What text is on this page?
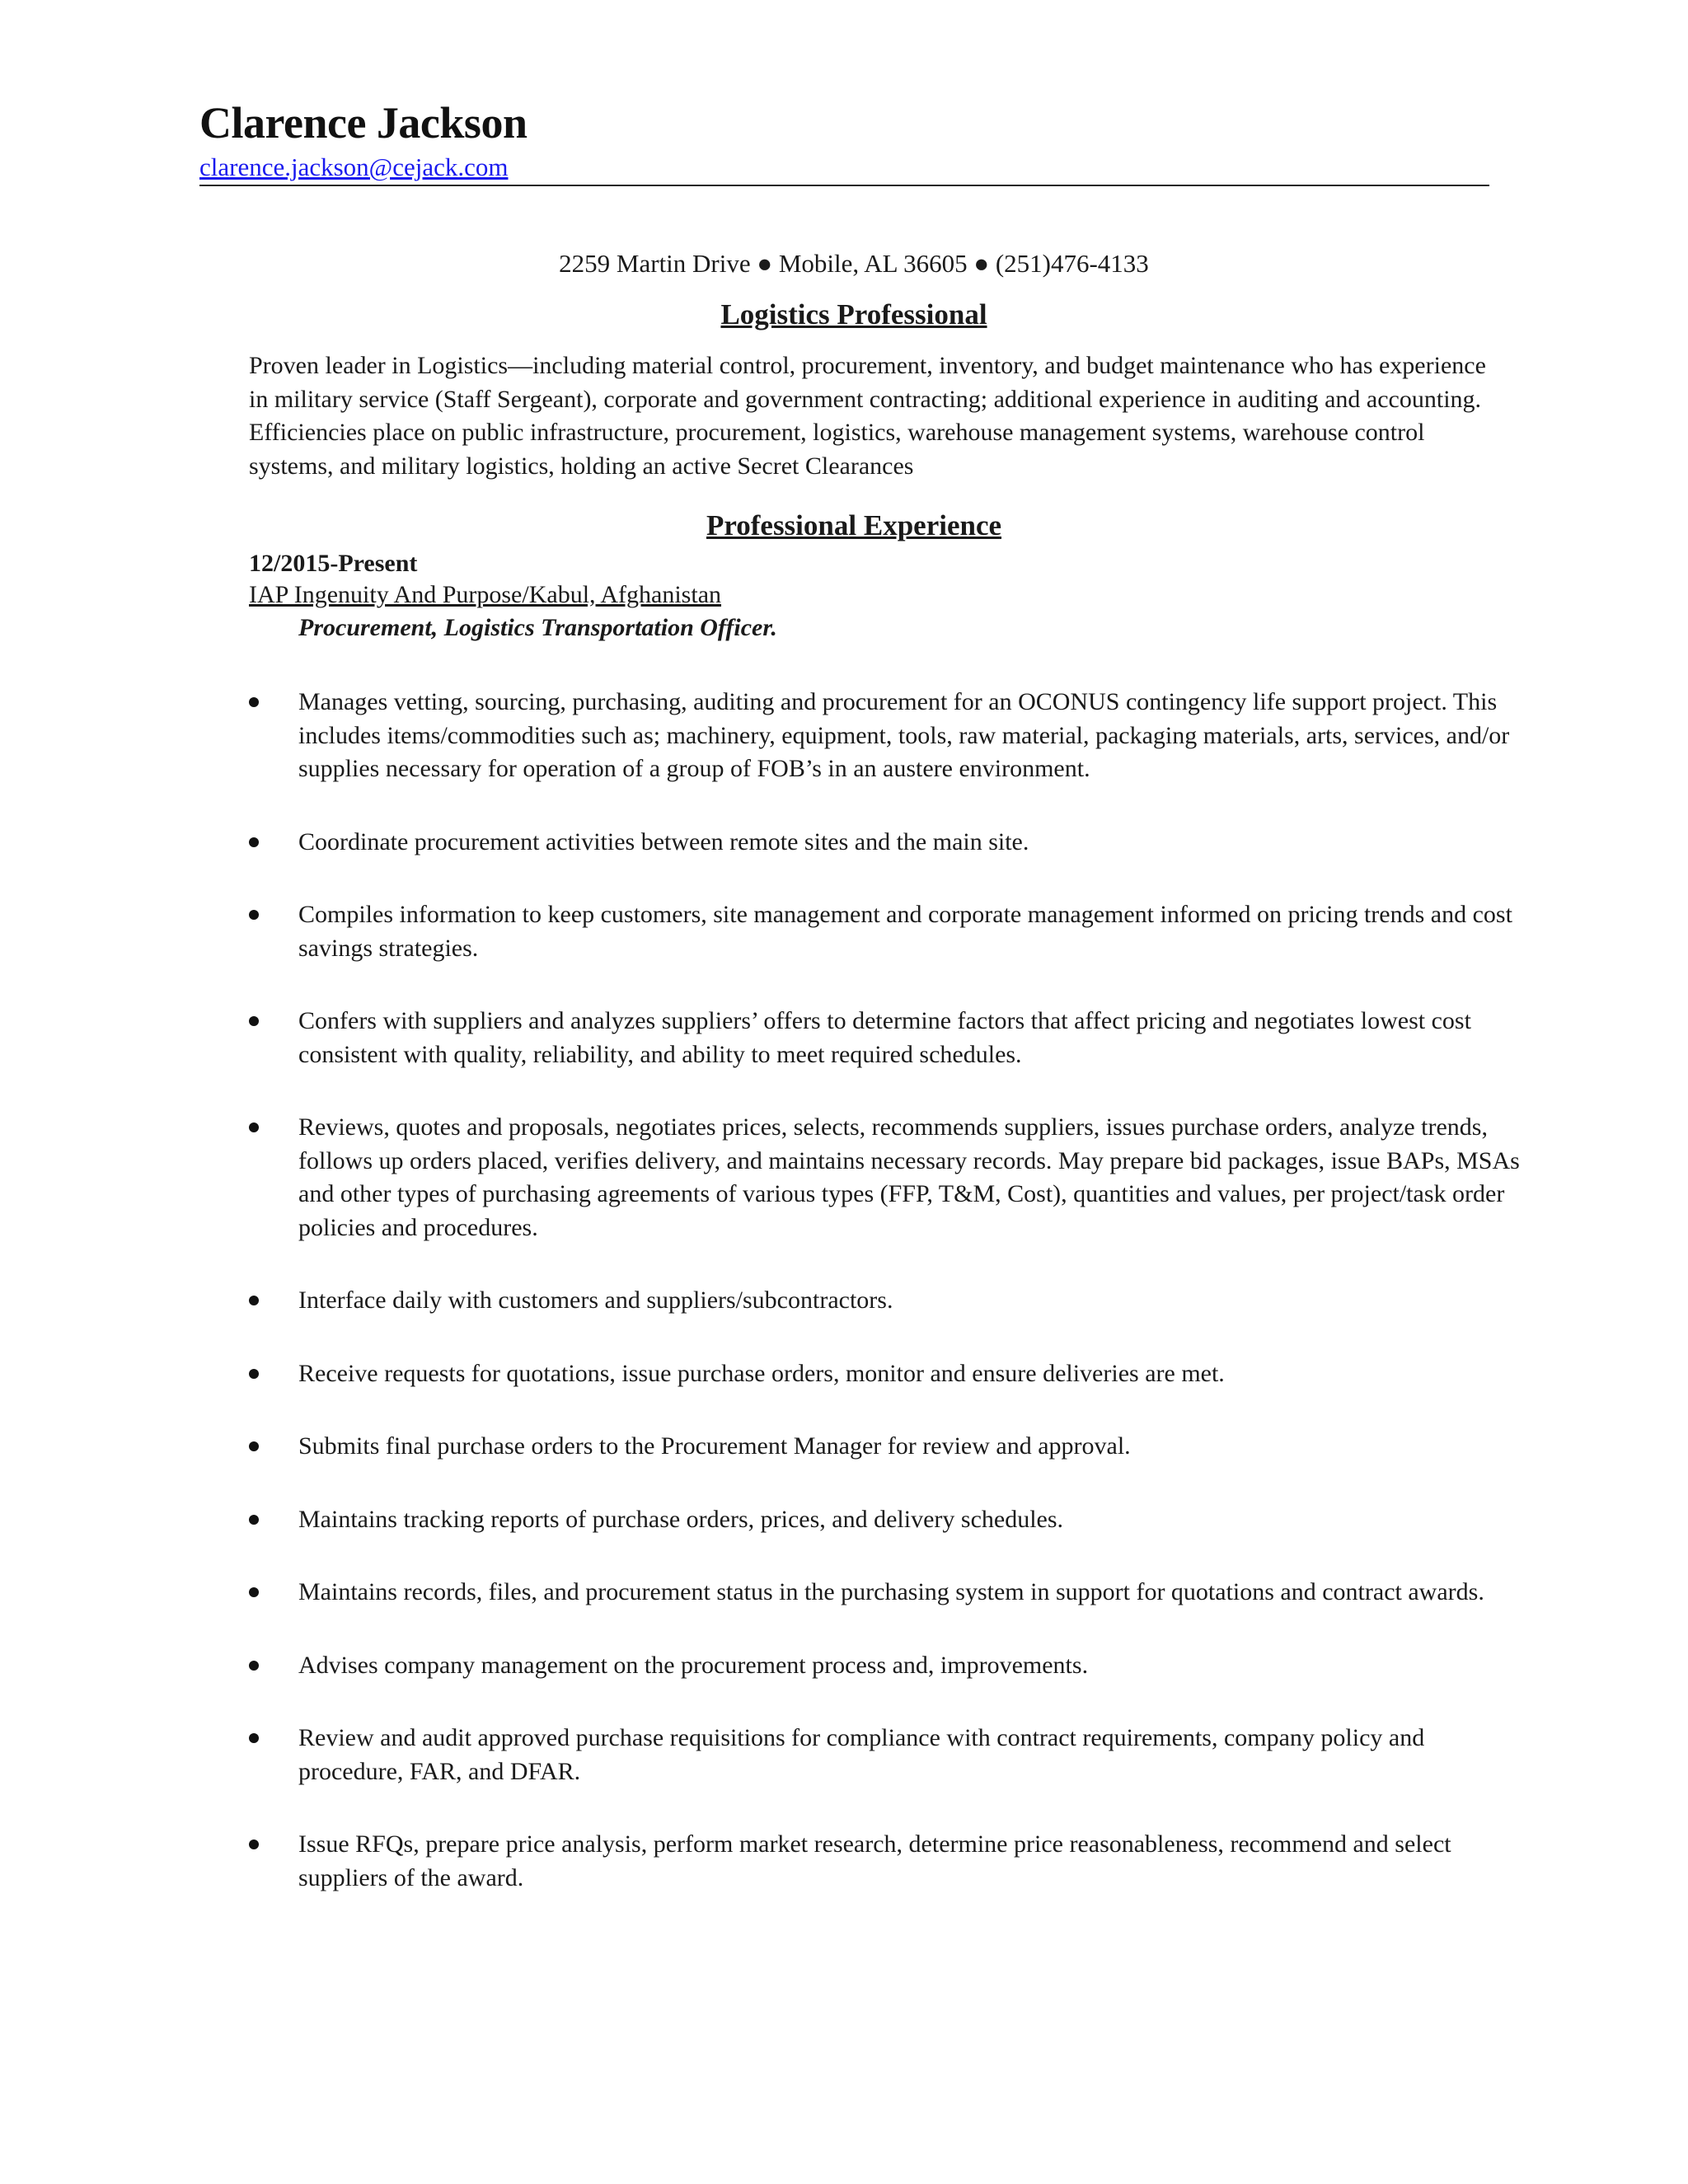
Clarence Jackson
clarence.jackson@cejack.com
2259 Martin Drive ● Mobile, AL 36605 ● (251)476-4133
Logistics Professional

Proven leader in Logistics—including material control, procurement, inventory, and budget maintenance who has experience in military service (Staff Sergeant), corporate and government contracting; additional experience in auditing and accounting. Efficiencies place on public infrastructure, procurement, logistics, warehouse management systems, warehouse control systems, and military logistics, holding an active Secret Clearances

Professional Experience
12/2015-Present
IAP Ingenuity And Purpose/Kabul, Afghanistan
Procurement, Logistics Transportation Officer.
Manages vetting, sourcing, purchasing, auditing and procurement for an OCONUS contingency life support project. This includes items/commodities such as; machinery, equipment, tools, raw material, packaging materials, arts, services, and/or supplies necessary for operation of a group of FOB’s in an austere environment.
Coordinate procurement activities between remote sites and the main site.
Compiles information to keep customers, site management and corporate management informed on pricing trends and cost savings strategies.
Confers with suppliers and analyzes suppliers’ offers to determine factors that affect pricing and negotiates lowest cost consistent with quality, reliability, and ability to meet required schedules.
Reviews, quotes and proposals, negotiates prices, selects, recommends suppliers, issues purchase orders, analyze trends, follows up orders placed, verifies delivery, and maintains necessary records. May prepare bid packages, issue BAPs, MSAs and other types of purchasing agreements of various types (FFP, T&M, Cost), quantities and values, per project/task order policies and procedures.
Interface daily with customers and suppliers/subcontractors.
Receive requests for quotations, issue purchase orders, monitor and ensure deliveries are met.
Submits final purchase orders to the Procurement Manager for review and approval.
Maintains tracking reports of purchase orders, prices, and delivery schedules.
Maintains records, files, and procurement status in the purchasing system in support for quotations and contract awards.
Advises company management on the procurement process and, improvements.
Review and audit approved purchase requisitions for compliance with contract requirements, company policy and procedure, FAR, and DFAR.
Issue RFQs, prepare price analysis, perform market research, determine price reasonableness, recommend and select suppliers of the award.
